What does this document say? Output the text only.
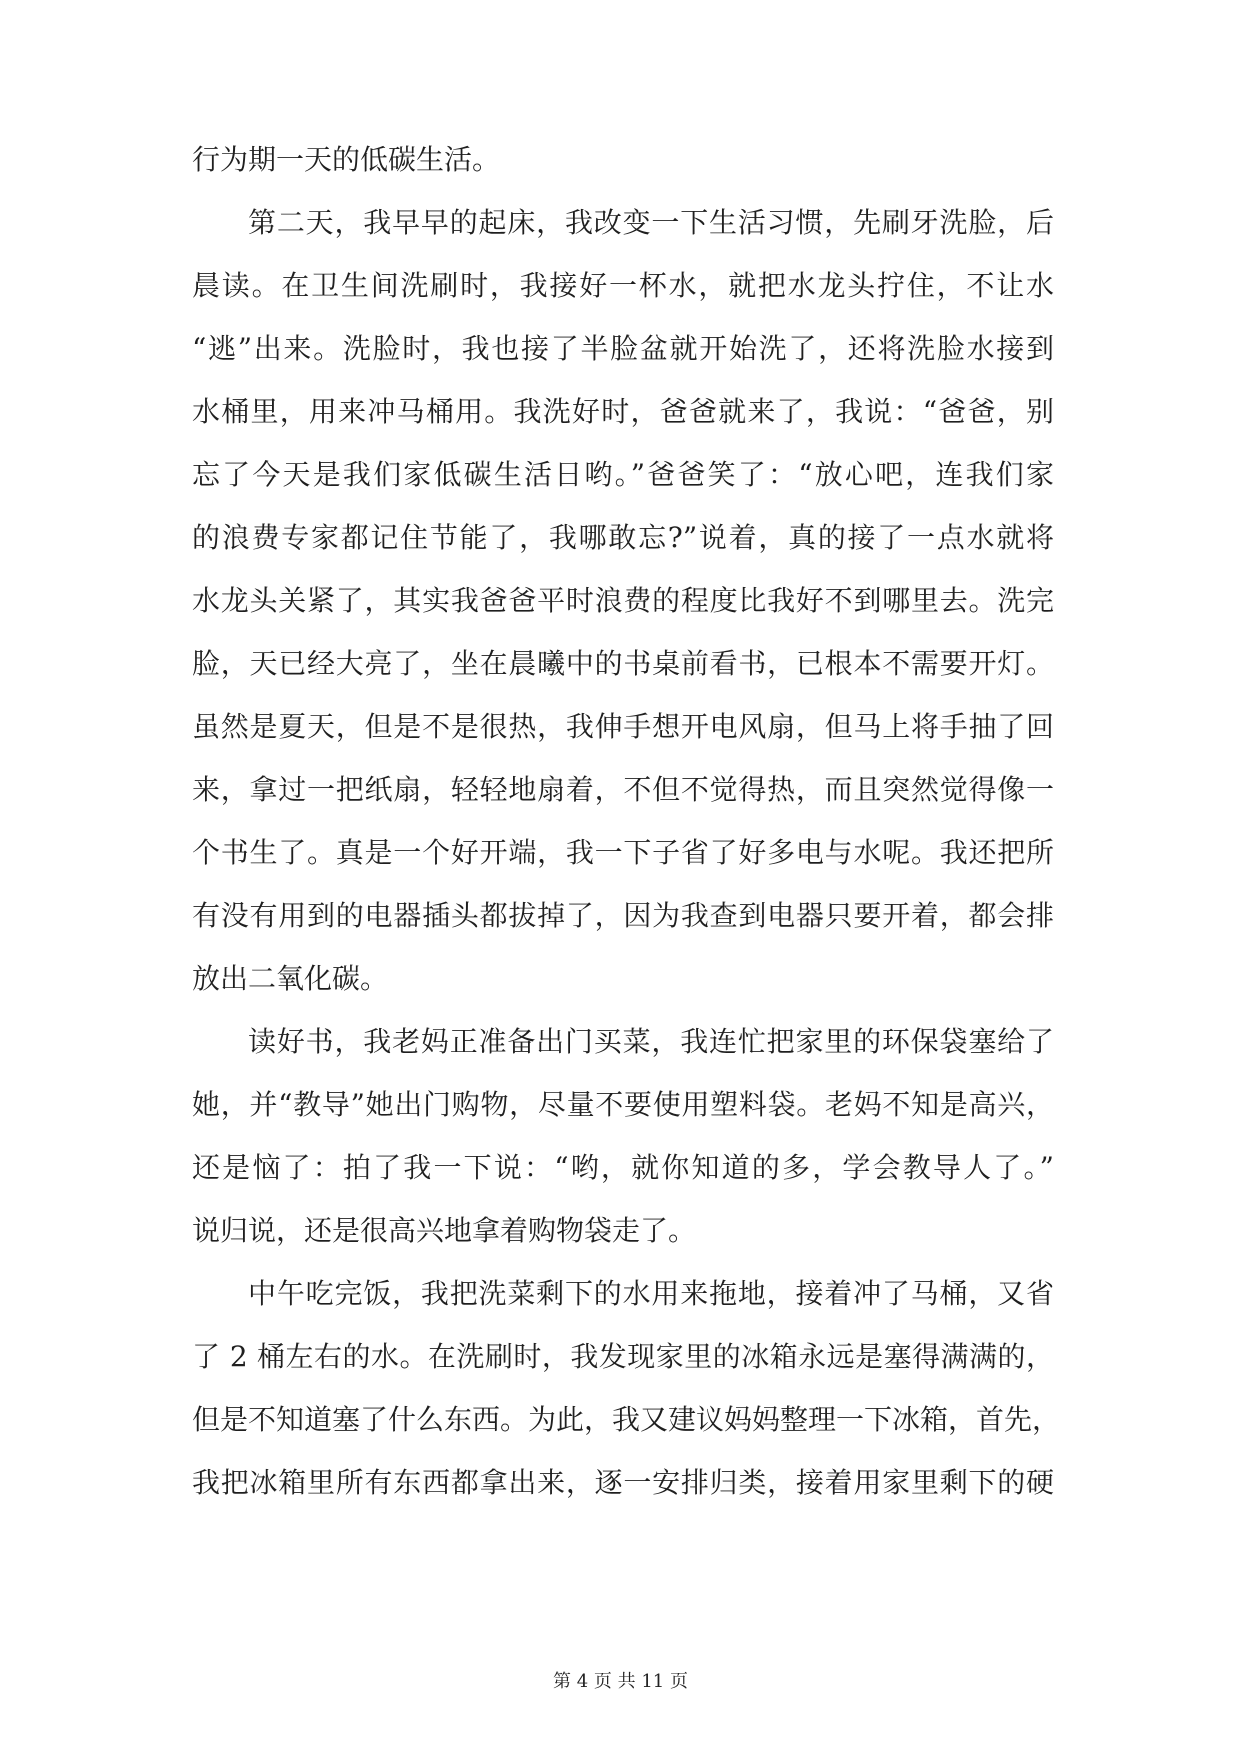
行为期一天的低碳生活。
第二天，我早早的起床，我改变一下生活习惯，先刷牙洗脸，后
晨读。在卫生间洗刷时，我接好一杯水，就把水龙头拧住，不让水
“逃”出来。洗脸时，我也接了半脸盆就开始洗了，还将洗脸水接到
水桶里，用来冲马桶用。我洗好时，爸爸就来了，我说：“爸爸，别
忘了今天是我们家低碳生活日哟。”爸爸笑了：“放心吧，连我们家
的浪费专家都记住节能了，我哪敢忘?”说着，真的接了一点水就将
水龙头关紧了，其实我爸爸平时浪费的程度比我好不到哪里去。洗完
脸，天已经大亮了，坐在晨曦中的书桌前看书，已根本不需要开灯。
虽然是夏天，但是不是很热，我伸手想开电风扇，但马上将手抽了回
来，拿过一把纸扇，轻轻地扇着，不但不觉得热，而且突然觉得像一
个书生了。真是一个好开端，我一下子省了好多电与水呢。我还把所
有没有用到的电器插头都拔掉了，因为我查到电器只要开着，都会排
放出二氧化碳。
读好书，我老妈正准备出门买菜，我连忙把家里的环保袋塞给了
她，并“教导”她出门购物，尽量不要使用塑料袋。老妈不知是高兴，
还是恼了：拍了我一下说：“哟，就你知道的多，学会教导人了。”
说归说，还是很高兴地拿着购物袋走了。
中午吃完饭，我把洗菜剩下的水用来拖地，接着冲了马桶，又省
了 2 桶左右的水。在洗刷时，我发现家里的冰箱永远是塞得满满的，
但是不知道塞了什么东西。为此，我又建议妈妈整理一下冰箱，首先，
我把冰箱里所有东西都拿出来，逐一安排归类，接着用家里剩下的硬
第 4 页 共 11 页
